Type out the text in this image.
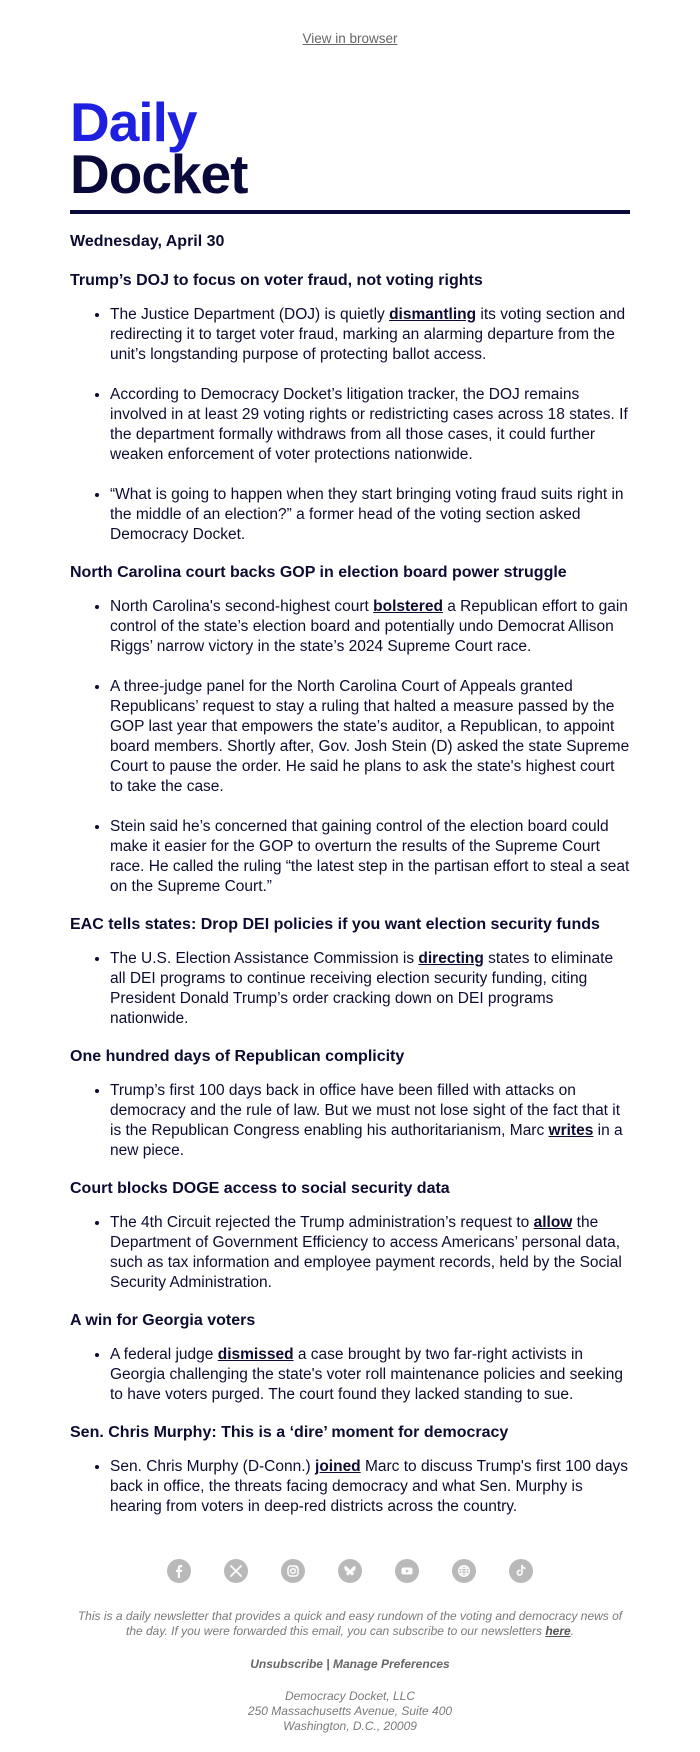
View in browser
Daily
Docket
Wednesday, April 30
Trump’s DOJ to focus on voter fraud, not voting rights
• The Justice Department (DOJ) is quietly dismantling its voting section and redirecting it to target voter fraud, marking an alarming departure from the unit’s longstanding purpose of protecting ballot access.
• According to Democracy Docket’s litigation tracker, the DOJ remains involved in at least 29 voting rights or redistricting cases across 18 states. If the department formally withdraws from all those cases, it could further weaken enforcement of voter protections nationwide.
• “What is going to happen when they start bringing voting fraud suits right in the middle of an election?” a former head of the voting section asked Democracy Docket.
North Carolina court backs GOP in election board power struggle
• North Carolina's second-highest court bolstered a Republican effort to gain control of the state’s election board and potentially undo Democrat Allison Riggs’ narrow victory in the state’s 2024 Supreme Court race.
• A three-judge panel for the North Carolina Court of Appeals granted Republicans’ request to stay a ruling that halted a measure passed by the GOP last year that empowers the state’s auditor, a Republican, to appoint board members. Shortly after, Gov. Josh Stein (D) asked the state Supreme Court to pause the order. He said he plans to ask the state's highest court to take the case.
• Stein said he’s concerned that gaining control of the election board could make it easier for the GOP to overturn the results of the Supreme Court race. He called the ruling “the latest step in the partisan effort to steal a seat on the Supreme Court.”
EAC tells states: Drop DEI policies if you want election security funds
• The U.S. Election Assistance Commission is directing states to eliminate all DEI programs to continue receiving election security funding, citing President Donald Trump’s order cracking down on DEI programs nationwide.
One hundred days of Republican complicity
• Trump’s first 100 days back in office have been filled with attacks on democracy and the rule of law. But we must not lose sight of the fact that it is the Republican Congress enabling his authoritarianism, Marc writes in a new piece.
Court blocks DOGE access to social security data
• The 4th Circuit rejected the Trump administration’s request to allow the Department of Government Efficiency to access Americans’ personal data, such as tax information and employee payment records, held by the Social Security Administration.
A win for Georgia voters
• A federal judge dismissed a case brought by two far-right activists in Georgia challenging the state's voter roll maintenance policies and seeking to have voters purged. The court found they lacked standing to sue.
Sen. Chris Murphy: This is a ‘dire’ moment for democracy
• Sen. Chris Murphy (D-Conn.) joined Marc to discuss Trump's first 100 days back in office, the threats facing democracy and what Sen. Murphy is hearing from voters in deep-red districts across the country.
This is a daily newsletter that provides a quick and easy rundown of the voting and democracy news of the day. If you were forwarded this email, you can subscribe to our newsletters here.
Unsubscribe | Manage Preferences
Democracy Docket, LLC
250 Massachusetts Avenue, Suite 400
Washington, D.C., 20009
